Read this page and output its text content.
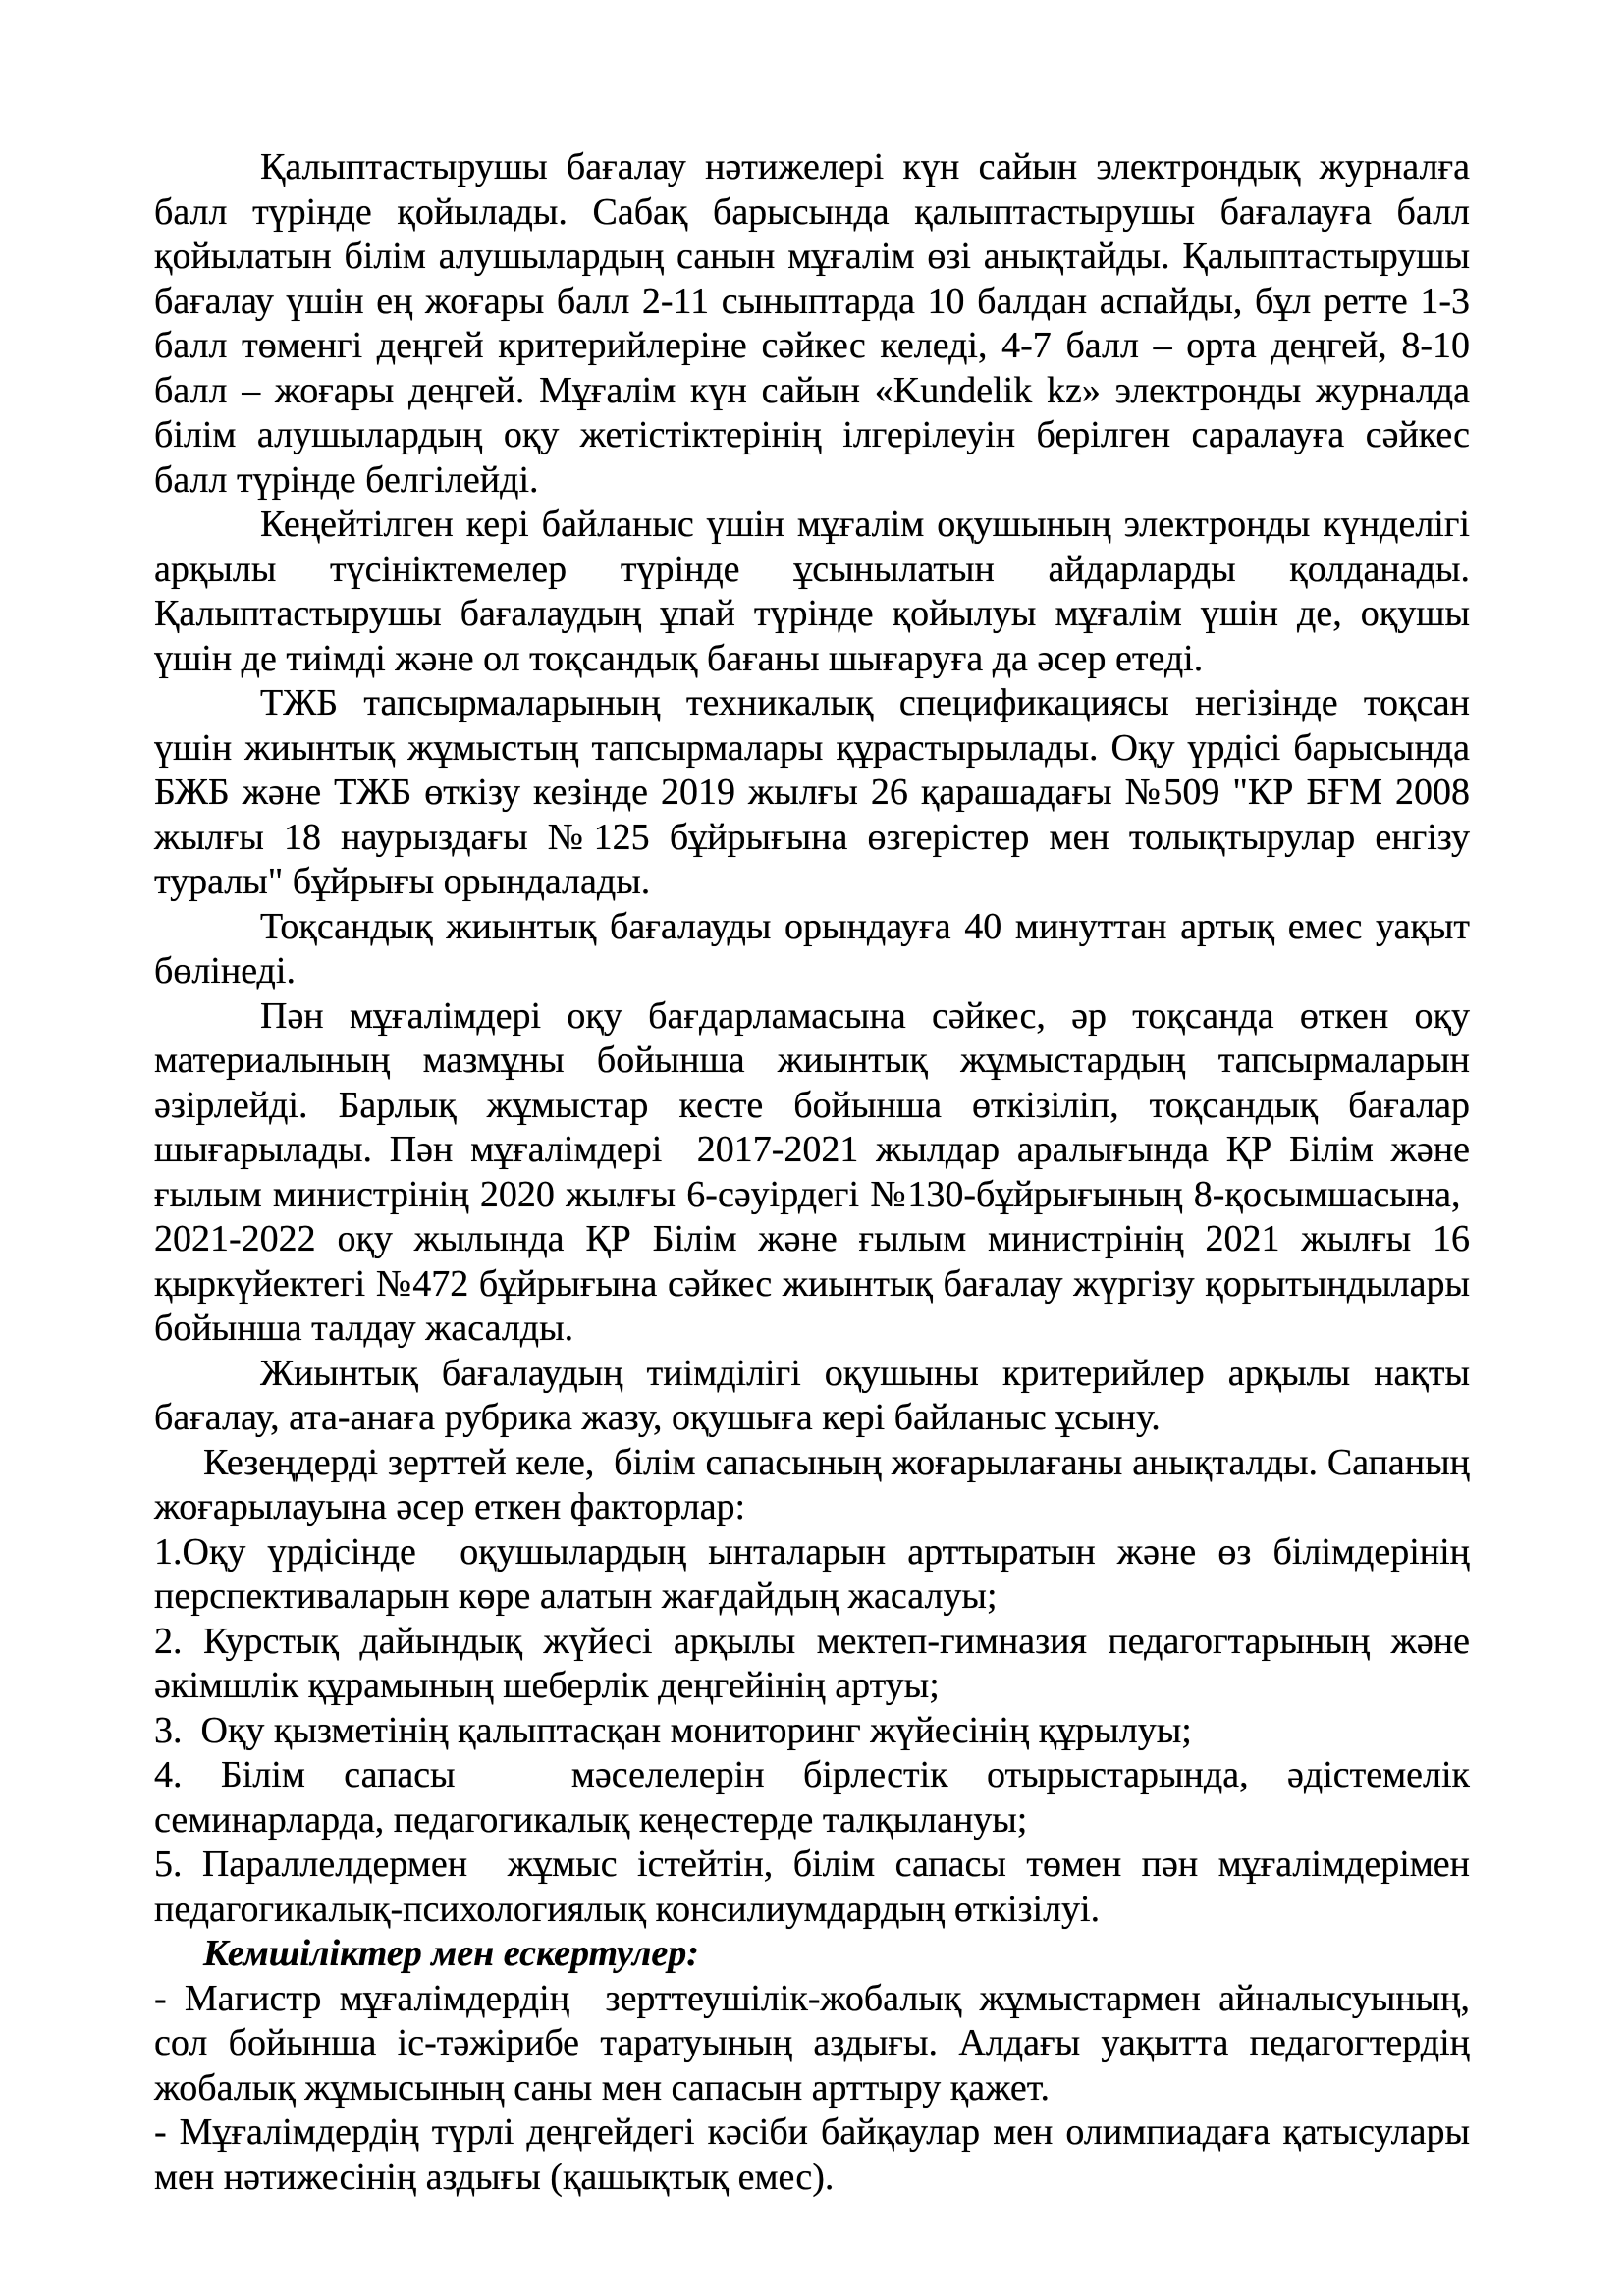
Қалыптастырушы бағалау нәтижелері күн сайын электрондық журналға балл түрінде қойылады. Сабақ барысында қалыптастырушы бағалауға балл қойылатын білім алушылардың санын мұғалім өзі анықтайды. Қалыптастырушы бағалау үшін ең жоғары балл 2-11 сыныптарда 10 балдан аспайды, бұл ретте 1-3 балл төменгі деңгей критерийлеріне сәйкес келеді, 4-7 балл – орта деңгей, 8-10 балл – жоғары деңгей. Мұғалім күн сайын «Kundelik kz» электронды журналда білім алушылардың оқу жетістіктерінің ілгерілеуін берілген саралауға сәйкес балл түрінде белгілейді.

Кеңейтілген кері байланыс үшін мұғалім оқушының электронды күнделігі арқылы түсініктемелер түрінде ұсынылатын айдарларды қолданады. Қалыптастырушы бағалаудың ұпай түрінде қойылуы мұғалім үшін де, оқушы үшін де тиімді және ол тоқсандық бағаны шығаруға да әсер етеді.

ТЖБ тапсырмаларының техникалық спецификациясы негізінде тоқсан үшін жиынтық жұмыстың тапсырмалары құрастырылады. Оқу үрдісі барысында БЖБ және ТЖБ өткізу кезінде 2019 жылғы 26 қарашадағы №509 "КР БҒМ 2008 жылғы 18 наурыздағы №125 бұйрығына өзгерістер мен толықтырулар енгізу туралы" бұйрығы орындалады.

Тоқсандық жиынтық бағалауды орындауға 40 минуттан артық емес уақыт бөлінеді.

Пән мұғалімдері оқу бағдарламасына сәйкес, әр тоқсанда өткен оқу материалының мазмұны бойынша жиынтық жұмыстардың тапсырмаларын әзірлейді. Барлық жұмыстар кесте бойынша өткізіліп, тоқсандық бағалар шығарылады. Пән мұғалімдері  2017-2021 жылдар аралығында ҚР Білім және ғылым министрінің 2020 жылғы 6-сәуірдегі №130-бұйрығының 8-қосымшасына,  2021-2022 оқу жылында ҚР Білім және ғылым министрінің 2021 жылғы 16 қыркүйектегі №472 бұйрығына сәйкес жиынтық бағалау жүргізу қорытындылары бойынша талдау жасалды.

Жиынтық бағалаудың тиімділігі оқушыны критерийлер арқылы нақты бағалау, ата-анаға рубрика жазу, оқушыға кері байланыс ұсыну.

Кезеңдерді зерттей келе,  білім сапасының жоғарылағаны анықталды. Сапаның жоғарылауына әсер еткен факторлар:

1.Оқу үрдісінде  оқушылардың ынталарын арттыратын және өз білімдерінің перспективаларын көре алатын жағдайдың жасалуы;

2. Курстық дайындық жүйесі арқылы мектеп-гимназия педагогтарының және әкімшлік құрамының шеберлік деңгейінің артуы;

3.  Оқу қызметінің қалыптасқан мониторинг жүйесінің құрылуы;

4. Білім сапасы   мәселелерін бірлестік отырыстарында, әдістемелік семинарларда, педагогикалық кеңестерде талқылануы;

5. Параллелдермен  жұмыс істейтін, білім сапасы төмен пән мұғалімдерімен педагогикалық-психологиялық консилиумдардың өткізілуі.

Кемшіліктер мен ескертулер:

- Магистр мұғалімдердің  зерттеушілік-жобалық жұмыстармен айналысуының, сол бойынша іс-тәжірибе таратуының аздығы. Алдағы уақытта педагогтердің жобалық жұмысының саны мен сапасын арттыру қажет.

- Мұғалімдердің түрлі деңгейдегі кәсіби байқаулар мен олимпиадаға қатысулары мен нәтижесінің аздығы (қашықтық емес).
